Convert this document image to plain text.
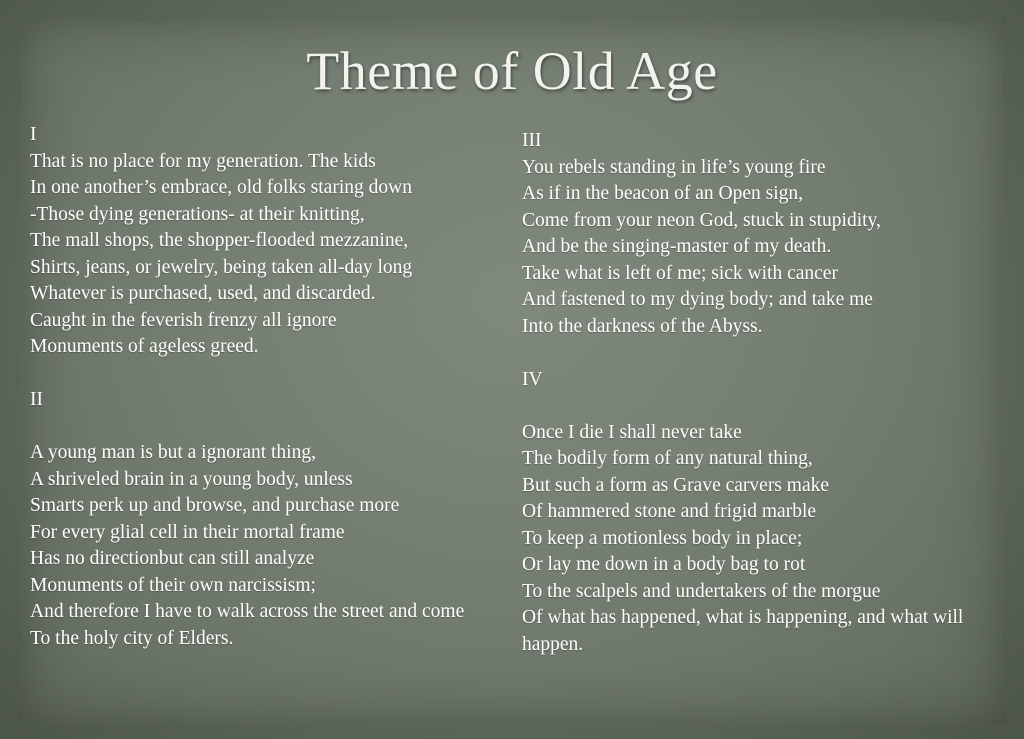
Theme of Old Age
I
That is no place for my generation. The kids
In one another’s embrace, old folks staring down
-Those dying generations- at their knitting,
The mall shops, the shopper-flooded mezzanine,
Shirts, jeans, or jewelry, being taken all-day long
Whatever is purchased, used, and discarded.
Caught in the feverish frenzy all ignore
Monuments of ageless greed.
II
A young man is but a ignorant thing,
A shriveled brain in a young body, unless
Smarts perk up and browse, and purchase more
For every glial cell in their mortal frame
Has no directionbut can still analyze
Monuments of their own narcissism;
And therefore I have to walk across the street and come
To the holy city of Elders.
III
You rebels standing in life’s young fire
As if in the beacon of an Open sign,
Come from your neon God, stuck in stupidity,
And be the singing-master of my death.
Take what is left of me; sick with cancer
And fastened to my dying body; and take me
Into the darkness of the Abyss.
IV
Once I die I shall never take
The bodily form of any natural thing,
But such a form as Grave carvers make
Of hammered stone and frigid marble
To keep a motionless body in place;
Or lay me down in a body bag to rot
To the scalpels and undertakers of the morgue
Of what has happened, what is happening, and what will happen.
